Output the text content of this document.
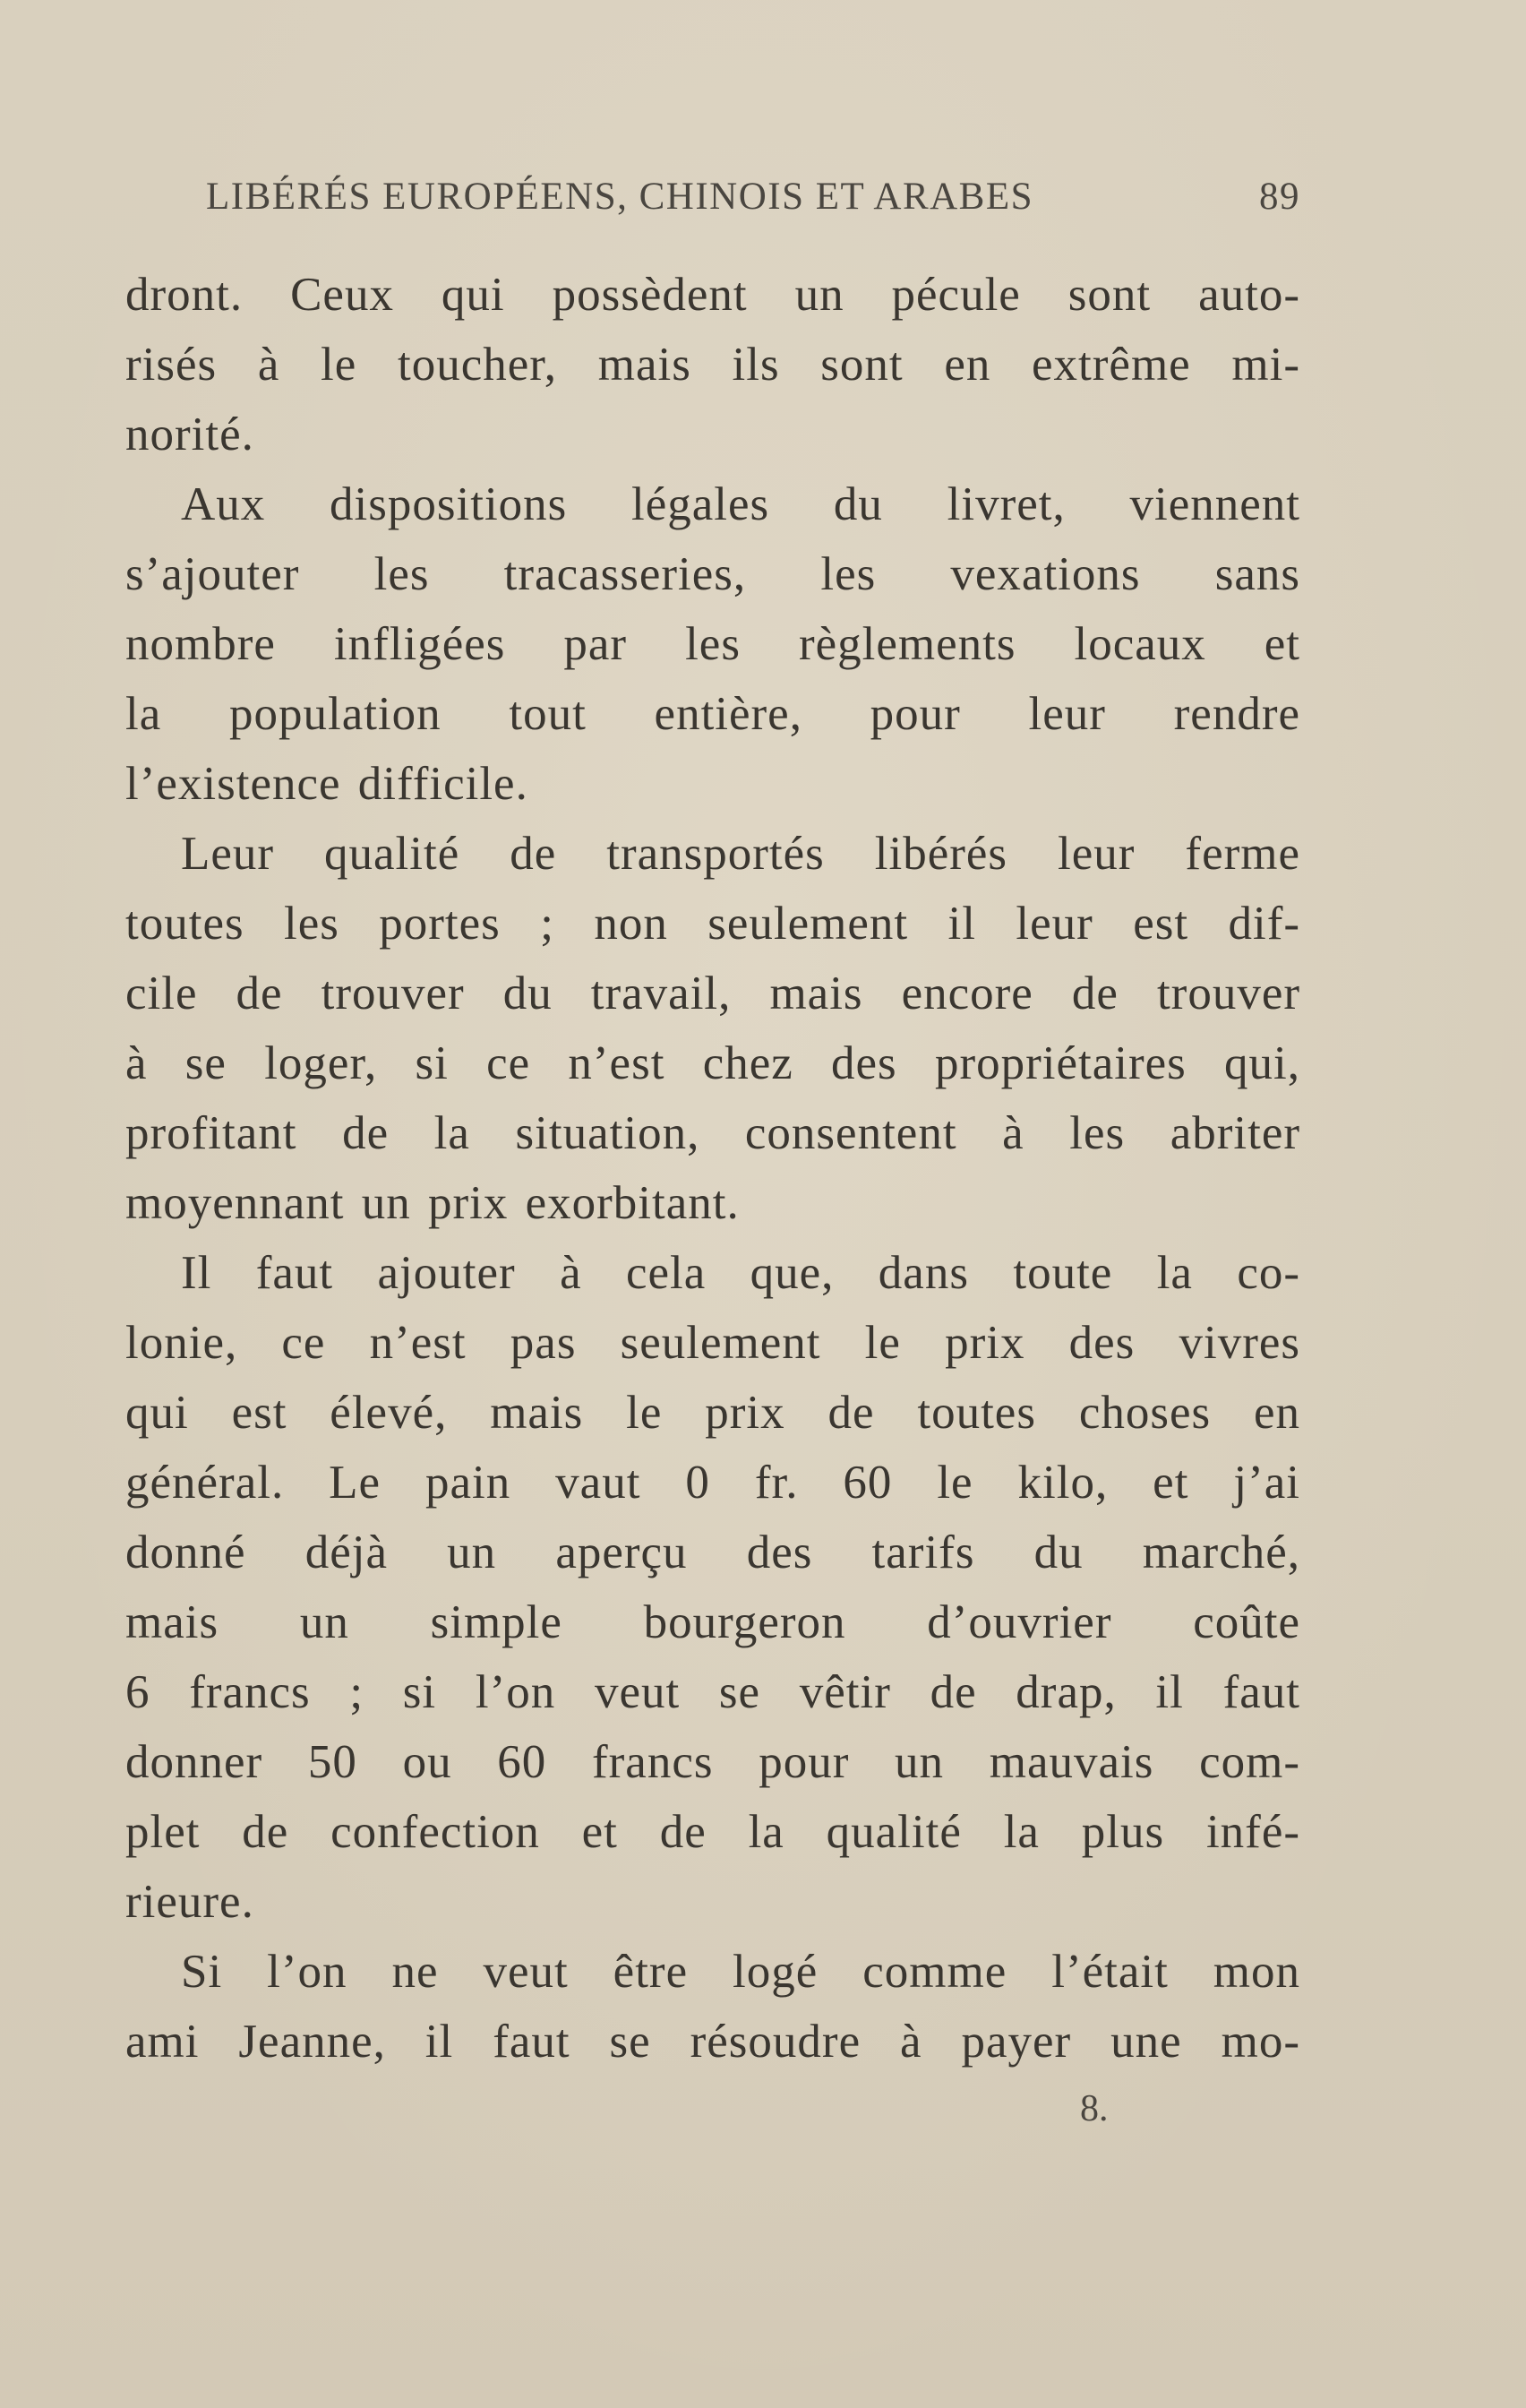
LIBÉRÉS EUROPÉENS, CHINOIS ET ARABES	89
dront. Ceux qui possèdent un pécule sont auto-
risés à le toucher, mais ils sont en extrême mi-
norité.
Aux dispositions légales du livret, viennent
s’ajouter les tracasseries, les vexations sans
nombre infligées par les règlements locaux et
la population tout entière, pour leur rendre
l’existence difficile.
Leur qualité de transportés libérés leur ferme
toutes les portes ; non seulement il leur est dif-
cile de trouver du travail, mais encore de trouver
à se loger, si ce n’est chez des propriétaires qui,
profitant de la situation, consentent à les abriter
moyennant un prix exorbitant.
Il faut ajouter à cela que, dans toute la co-
lonie, ce n’est pas seulement le prix des vivres
qui est élevé, mais le prix de toutes choses en
général. Le pain vaut 0 fr. 60 le kilo, et j’ai
donné déjà un aperçu des tarifs du marché,
mais un simple bourgeron d’ouvrier coûte
6 francs ; si l’on veut se vêtir de drap, il faut
donner 50 ou 60 francs pour un mauvais com-
plet de confection et de la qualité la plus infé-
rieure.
Si l’on ne veut être logé comme l’était mon
ami Jeanne, il faut se résoudre à payer une mo-
8.
